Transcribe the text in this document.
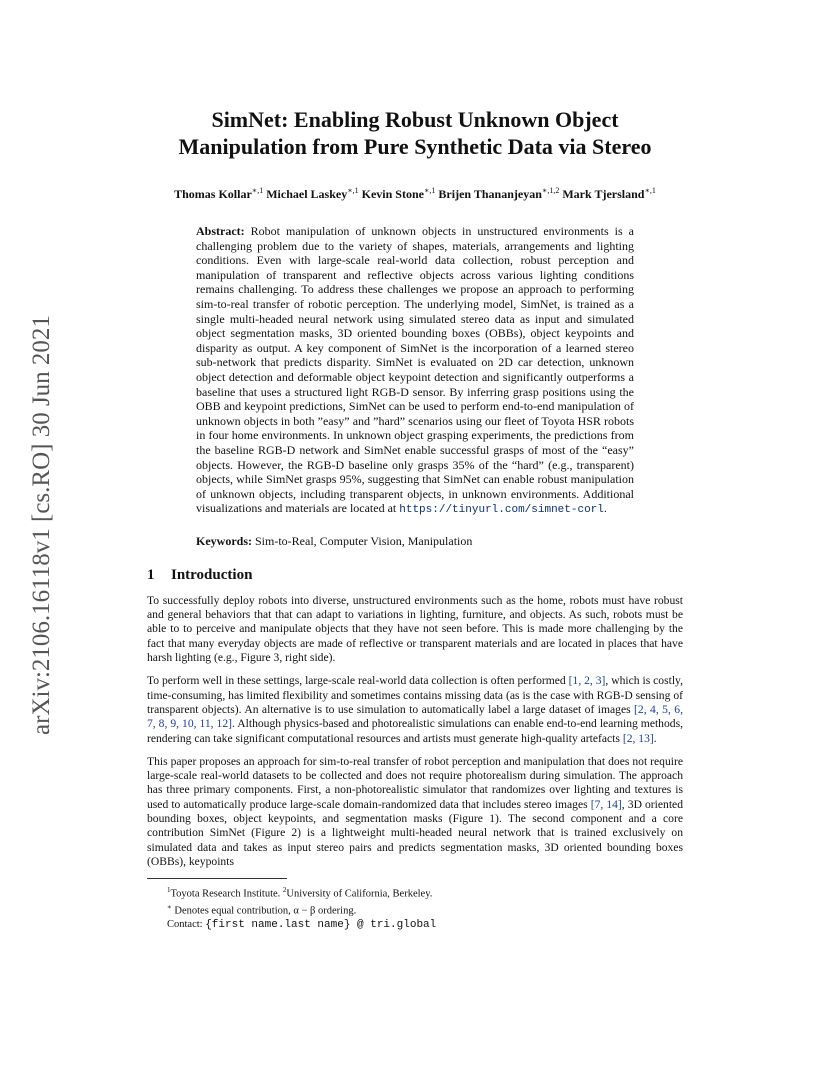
arXiv:2106.16118v1 [cs.RO] 30 Jun 2021
SimNet: Enabling Robust Unknown Object
Manipulation from Pure Synthetic Data via Stereo
Thomas Kollar$^{∗,1}$ Michael Laskey$^{∗,1}$ Kevin Stone$^{∗,1}$ Brijen Thananjeyan$^{∗,1,2}$ Mark Tjersland$^{∗,1}$
Abstract: Robot manipulation of unknown objects in unstructured environments is a challenging problem due to the variety of shapes, materials, arrangements and lighting conditions. Even with large-scale real-world data collection, robust perception and manipulation of transparent and reflective objects across various lighting conditions remains challenging. To address these challenges we propose an approach to performing sim-to-real transfer of robotic perception. The underlying model, SimNet, is trained as a single multi-headed neural network using simulated stereo data as input and simulated object segmentation masks, 3D oriented bounding boxes (OBBs), object keypoints and disparity as output. A key component of SimNet is the incorporation of a learned stereo sub-network that predicts disparity. SimNet is evaluated on 2D car detection, unknown object detection and deformable object keypoint detection and significantly outperforms a baseline that uses a structured light RGB-D sensor. By inferring grasp positions using the OBB and keypoint predictions, SimNet can be used to perform end-to-end manipulation of unknown objects in both ”easy” and ”hard” scenarios using our fleet of Toyota HSR robots in four home environments. In unknown object grasping experiments, the predictions from the baseline RGB-D network and SimNet enable successful grasps of most of the “easy” objects. However, the RGB-D baseline only grasps 35% of the “hard” (e.g., transparent) objects, while SimNet grasps 95%, suggesting that SimNet can enable robust manipulation of unknown objects, including transparent objects, in unknown environments. Additional visualizations and materials are located at https://tinyurl.com/simnet-corl.
Keywords: Sim-to-Real, Computer Vision, Manipulation
1 Introduction

To successfully deploy robots into diverse, unstructured environments such as the home, robots must have robust and general behaviors that that can adapt to variations in lighting, furniture, and objects. As such, robots must be able to to perceive and manipulate objects that they have not seen before. This is made more challenging by the fact that many everyday objects are made of reflective or transparent materials and are located in places that have harsh lighting (e.g., Figure 3, right side).

To perform well in these settings, large-scale real-world data collection is often performed [1, 2, 3], which is costly, time-consuming, has limited flexibility and sometimes contains missing data (as is the case with RGB-D sensing of transparent objects). An alternative is to use simulation to automatically label a large dataset of images [2, 4, 5, 6, 7, 8, 9, 10, 11, 12]. Although physics-based and photorealistic simulations can enable end-to-end learning methods, rendering can take significant computational resources and artists must generate high-quality artefacts [2, 13].

This paper proposes an approach for sim-to-real transfer of robot perception and manipulation that does not require large-scale real-world datasets to be collected and does not require photorealism during simulation. The approach has three primary components. First, a non-photorealistic simulator that randomizes over lighting and textures is used to automatically produce large-scale domain-randomized data that includes stereo images [7, 14], 3D oriented bounding boxes, object keypoints, and segmentation masks (Figure 1). The second component and a core contribution SimNet (Figure 2) is a lightweight multi-headed neural network that is trained exclusively on simulated data and takes as input stereo pairs and predicts segmentation masks, 3D oriented bounding boxes (OBBs), keypoints

$^1$Toyota Research Institute. $^2$University of California, Berkeley.
∗ Denotes equal contribution, α − β ordering.
Contact: {first name.last name} @ tri.global
